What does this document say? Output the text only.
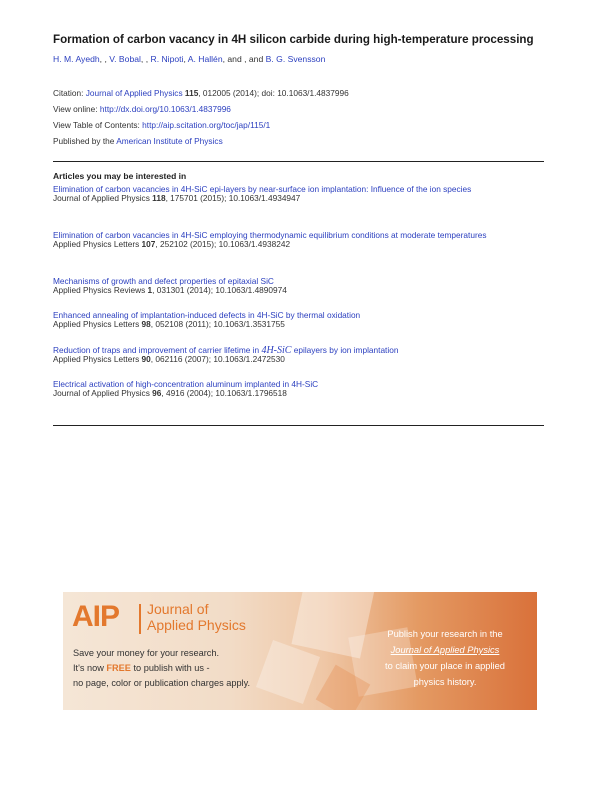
Formation of carbon vacancy in 4H silicon carbide during high-temperature processing
H. M. Ayedh, , V. Bobal, , R. Nipoti, A. Hallén, and , and B. G. Svensson
Citation: Journal of Applied Physics 115, 012005 (2014); doi: 10.1063/1.4837996
View online: http://dx.doi.org/10.1063/1.4837996
View Table of Contents: http://aip.scitation.org/toc/jap/115/1
Published by the American Institute of Physics
Articles you may be interested in
Elimination of carbon vacancies in 4H-SiC epi-layers by near-surface ion implantation: Influence of the ion species
Journal of Applied Physics 118, 175701 (2015); 10.1063/1.4934947
Elimination of carbon vacancies in 4H-SiC employing thermodynamic equilibrium conditions at moderate temperatures
Applied Physics Letters 107, 252102 (2015); 10.1063/1.4938242
Mechanisms of growth and defect properties of epitaxial SiC
Applied Physics Reviews 1, 031301 (2014); 10.1063/1.4890974
Enhanced annealing of implantation-induced defects in 4H-SiC by thermal oxidation
Applied Physics Letters 98, 052108 (2011); 10.1063/1.3531755
Reduction of traps and improvement of carrier lifetime in 4H-SiC epilayers by ion implantation
Applied Physics Letters 90, 062116 (2007); 10.1063/1.2472530
Electrical activation of high-concentration aluminum implanted in 4H-SiC
Journal of Applied Physics 96, 4916 (2004); 10.1063/1.1796518
AIP Journal of
Applied Physics
Save your money for your research.
It's now FREE to publish with us -
no page, color or publication charges apply.
Publish your research in the
Journal of Applied Physics
to claim your place in applied
physics history.
